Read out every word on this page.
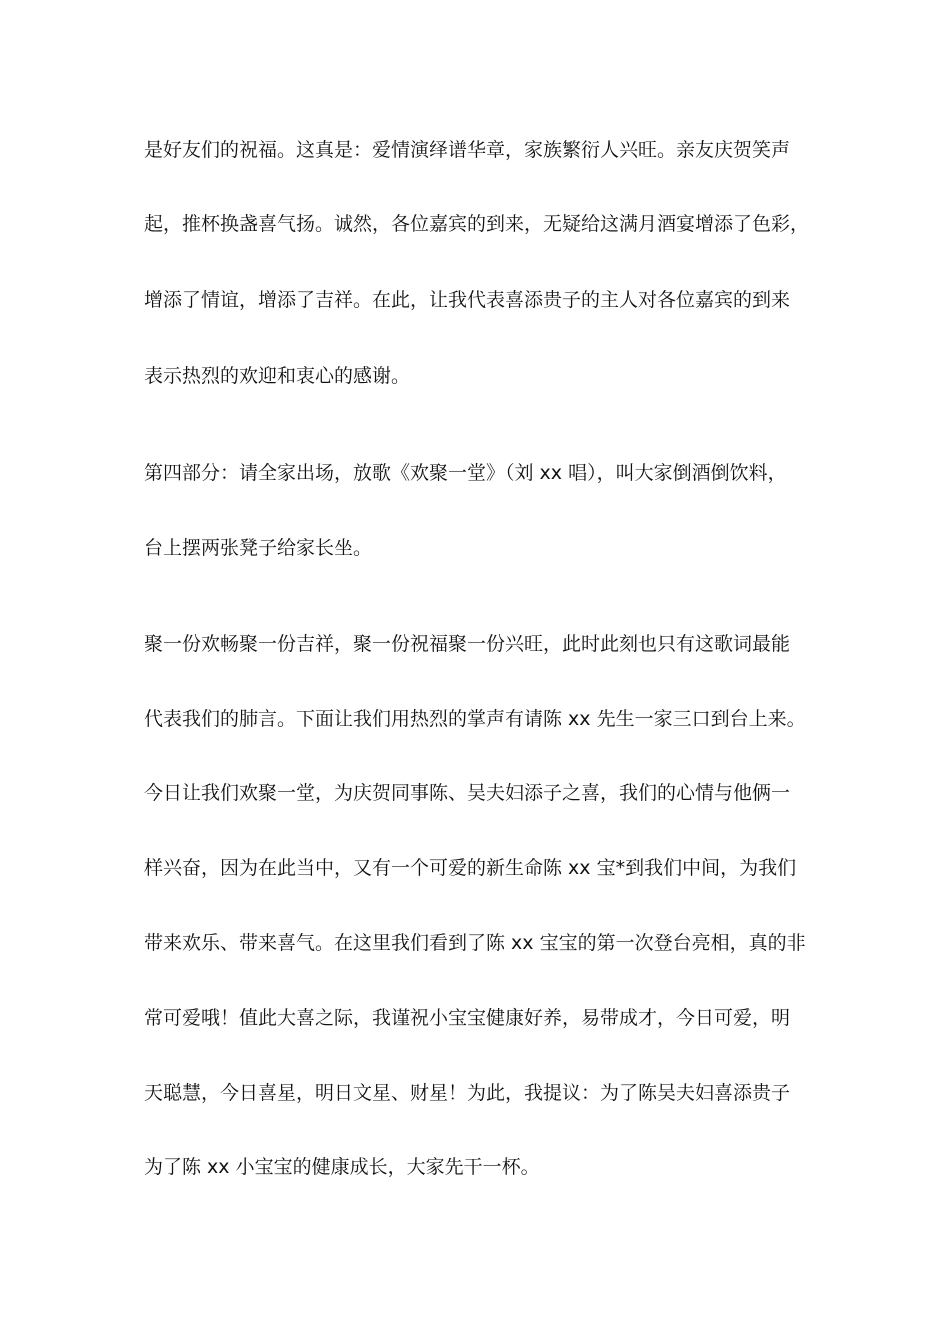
是好友们的祝福。这真是：爱情演绎谱华章，家族繁衍人兴旺。亲友庆贺笑声
起，推杯换盏喜气扬。诚然，各位嘉宾的到来，无疑给这满月酒宴增添了色彩，
增添了情谊，增添了吉祥。在此，让我代表喜添贵子的主人对各位嘉宾的到来
表示热烈的欢迎和衷心的感谢。
第四部分：请全家出场，放歌《欢聚一堂》（刘 xx 唱），叫大家倒酒倒饮料，
台上摆两张凳子给家长坐。
聚一份欢畅聚一份吉祥，聚一份祝福聚一份兴旺，此时此刻也只有这歌词最能
代表我们的肺言。下面让我们用热烈的掌声有请陈 xx 先生一家三口到台上来。
今日让我们欢聚一堂，为庆贺同事陈、吴夫妇添子之喜，我们的心情与他俩一
样兴奋，因为在此当中，又有一个可爱的新生命陈 xx 宝*到我们中间，为我们
带来欢乐、带来喜气。在这里我们看到了陈 xx 宝宝的第一次登台亮相，真的非
常可爱哦！值此大喜之际，我谨祝小宝宝健康好养，易带成才，今日可爱，明
天聪慧，今日喜星，明日文星、财星！为此，我提议：为了陈吴夫妇喜添贵子
为了陈 xx 小宝宝的健康成长，大家先干一杯。
